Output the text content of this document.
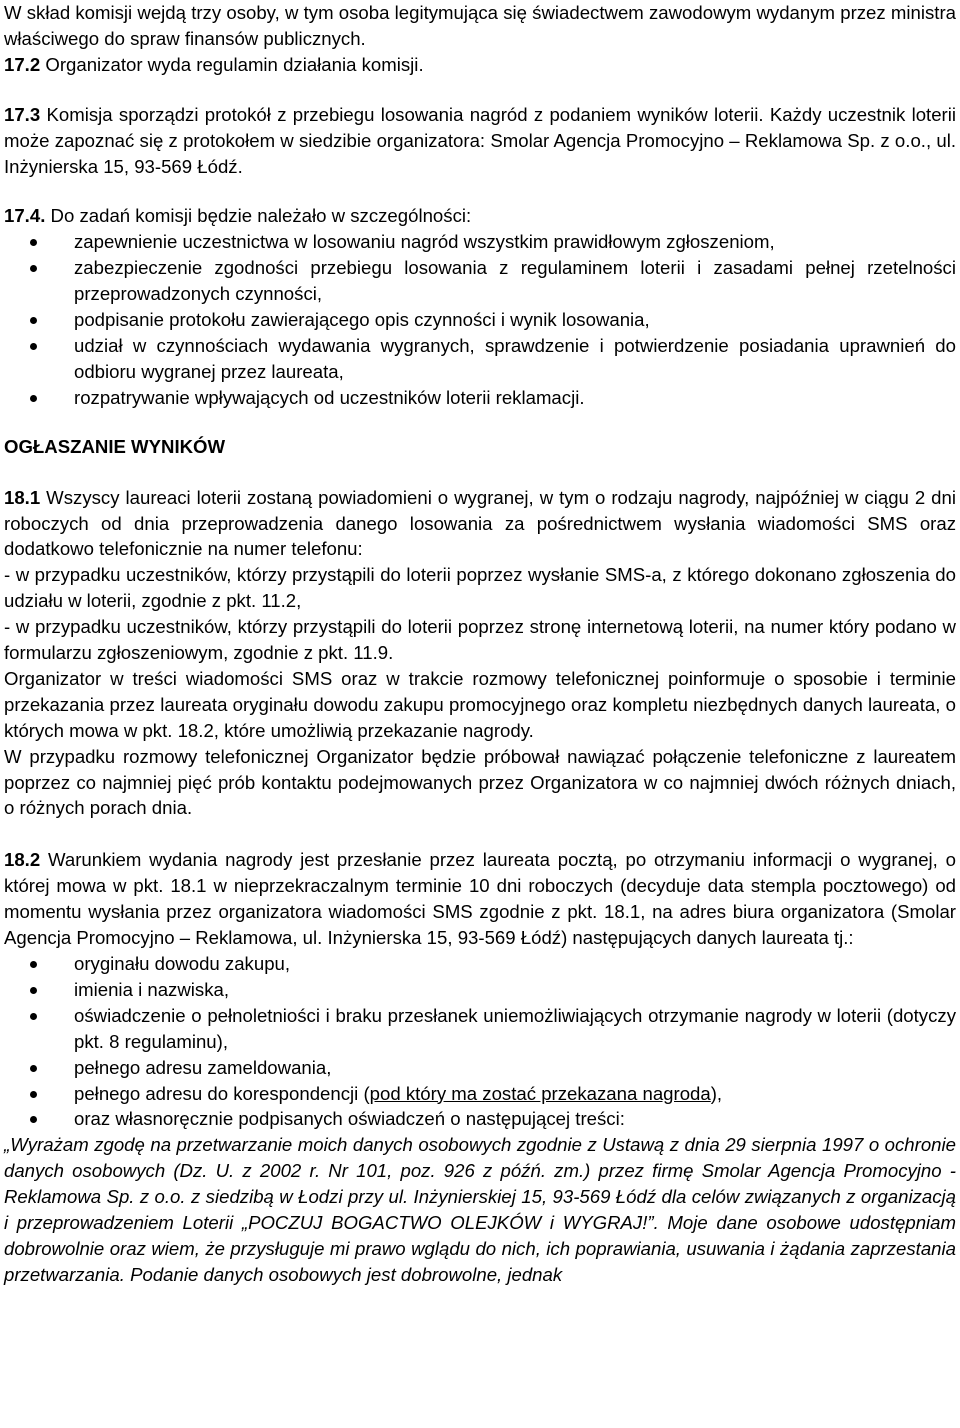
W skład komisji wejdą trzy osoby, w tym osoba legitymująca się świadectwem zawodowym wydanym przez ministra właściwego do spraw finansów publicznych.

17.2 Organizator wyda regulamin działania komisji.

17.3 Komisja sporządzi protokół z przebiegu losowania nagród z podaniem wyników loterii. Każdy uczestnik loterii może zapoznać się z protokołem w siedzibie organizatora: Smolar Agencja Promocyjno – Reklamowa Sp. z o.o., ul. Inżynierska 15, 93-569 Łódź.

17.4. Do zadań komisji będzie należało w szczególności:

zapewnienie uczestnictwa w losowaniu nagród wszystkim prawidłowym zgłoszeniom,
zabezpieczenie zgodności przebiegu losowania z regulaminem loterii i zasadami pełnej rzetelności przeprowadzonych czynności,
podpisanie protokołu zawierającego opis czynności i wynik losowania,
udział w czynnościach wydawania wygranych, sprawdzenie i potwierdzenie posiadania uprawnień do odbioru wygranej przez laureata,
rozpatrywanie wpływających od uczestników loterii reklamacji.

OGŁASZANIE WYNIKÓW

18.1 Wszyscy laureaci loterii zostaną powiadomieni o wygranej, w tym o rodzaju nagrody, najpóźniej w ciągu 2 dni roboczych od dnia przeprowadzenia danego losowania za pośrednictwem wysłania wiadomości SMS oraz dodatkowo telefonicznie na numer telefonu:

- w przypadku uczestników, którzy przystąpili do loterii poprzez wysłanie SMS-a, z którego dokonano zgłoszenia do udziału w loterii, zgodnie z pkt. 11.2,

- w przypadku uczestników, którzy przystąpili do loterii poprzez stronę internetową loterii, na numer który podano w formularzu zgłoszeniowym, zgodnie z pkt. 11.9.

Organizator w treści wiadomości SMS oraz w trakcie rozmowy telefonicznej poinformuje o sposobie i terminie przekazania przez laureata oryginału dowodu zakupu promocyjnego oraz kompletu niezbędnych danych laureata, o których mowa w pkt. 18.2, które umożliwią przekazanie nagrody.

W przypadku rozmowy telefonicznej Organizator będzie próbował nawiązać połączenie telefoniczne z laureatem poprzez co najmniej pięć prób kontaktu podejmowanych przez Organizatora w co najmniej dwóch różnych dniach, o różnych porach dnia.

18.2 Warunkiem wydania nagrody jest przesłanie przez laureata pocztą, po otrzymaniu informacji o wygranej, o której mowa w pkt. 18.1 w nieprzekraczalnym terminie 10 dni roboczych (decyduje data stempla pocztowego) od momentu wysłania przez organizatora wiadomości SMS zgodnie z pkt. 18.1, na adres biura organizatora (Smolar Agencja Promocyjno – Reklamowa, ul. Inżynierska 15, 93-569 Łódź) następujących danych laureata tj.:

oryginału dowodu zakupu,
imienia i nazwiska,
oświadczenie o pełnoletniości i braku przesłanek uniemożliwiających otrzymanie nagrody w loterii (dotyczy pkt. 8 regulaminu),
pełnego adresu zameldowania,
pełnego adresu do korespondencji (pod który ma zostać przekazana nagroda),
oraz własnoręcznie podpisanych oświadczeń o następującej treści:

„Wyrażam zgodę na przetwarzanie moich danych osobowych zgodnie z Ustawą z dnia 29 sierpnia 1997 o ochronie danych osobowych (Dz. U. z 2002 r. Nr 101, poz. 926 z późń. zm.) przez firmę Smolar Agencja Promocyjno - Reklamowa Sp. z o.o. z siedzibą w Łodzi przy ul. Inżynierskiej 15, 93-569 Łódź dla celów związanych z organizacją i przeprowadzeniem Loterii „POCZUJ BOGACTWO OLEJKÓW i WYGRAJ!”. Moje dane osobowe udostępniam dobrowolnie oraz wiem, że przysługuje mi prawo wglądu do nich, ich poprawiania, usuwania i żądania zaprzestania przetwarzania. Podanie danych osobowych jest dobrowolne, jednak
